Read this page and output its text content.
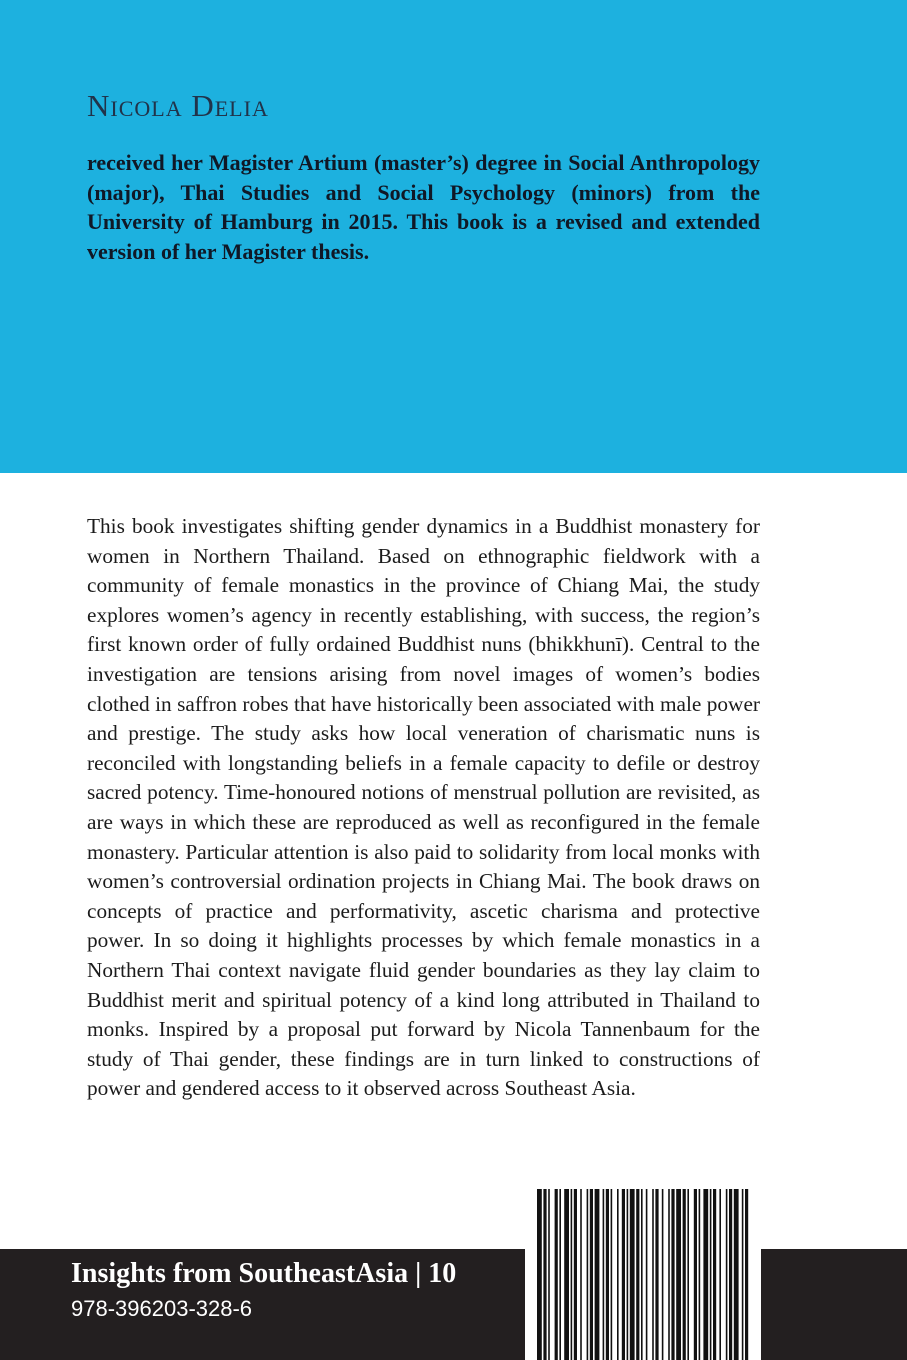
Nicola Delia

received her Magister Artium (master’s) degree in Social Anthropology (major), Thai Studies and Social Psychology (minors) from the University of Hamburg in 2015. This book is a revised and extended version of her Magister thesis.

This book investigates shifting gender dynamics in a Buddhist monastery for women in Northern Thailand. Based on ethnographic fieldwork with a community of female monastics in the province of Chiang Mai, the study explores women’s agency in recently establishing, with success, the region’s first known order of fully ordained Buddhist nuns (bhikkhunī). Central to the investigation are tensions arising from novel images of women’s bodies clothed in saffron robes that have historically been associated with male power and prestige. The study asks how local veneration of charismatic nuns is reconciled with longstanding beliefs in a female capacity to defile or destroy sacred potency. Time-honoured notions of menstrual pollution are revisited, as are ways in which these are reproduced as well as reconfigured in the female monastery. Particular attention is also paid to solidarity from local monks with women’s controversial ordination projects in Chiang Mai. The book draws on concepts of practice and performativity, ascetic charisma and protective power. In so doing it highlights processes by which female monastics in a Northern Thai context navigate fluid gender boundaries as they lay claim to Buddhist merit and spiritual potency of a kind long attributed in Thailand to monks. Inspired by a proposal put forward by Nicola Tannenbaum for the study of Thai gender, these findings are in turn linked to constructions of power and gendered access to it observed across Southeast Asia.

Insights from SoutheastAsia | 10
978-396203-328-6
